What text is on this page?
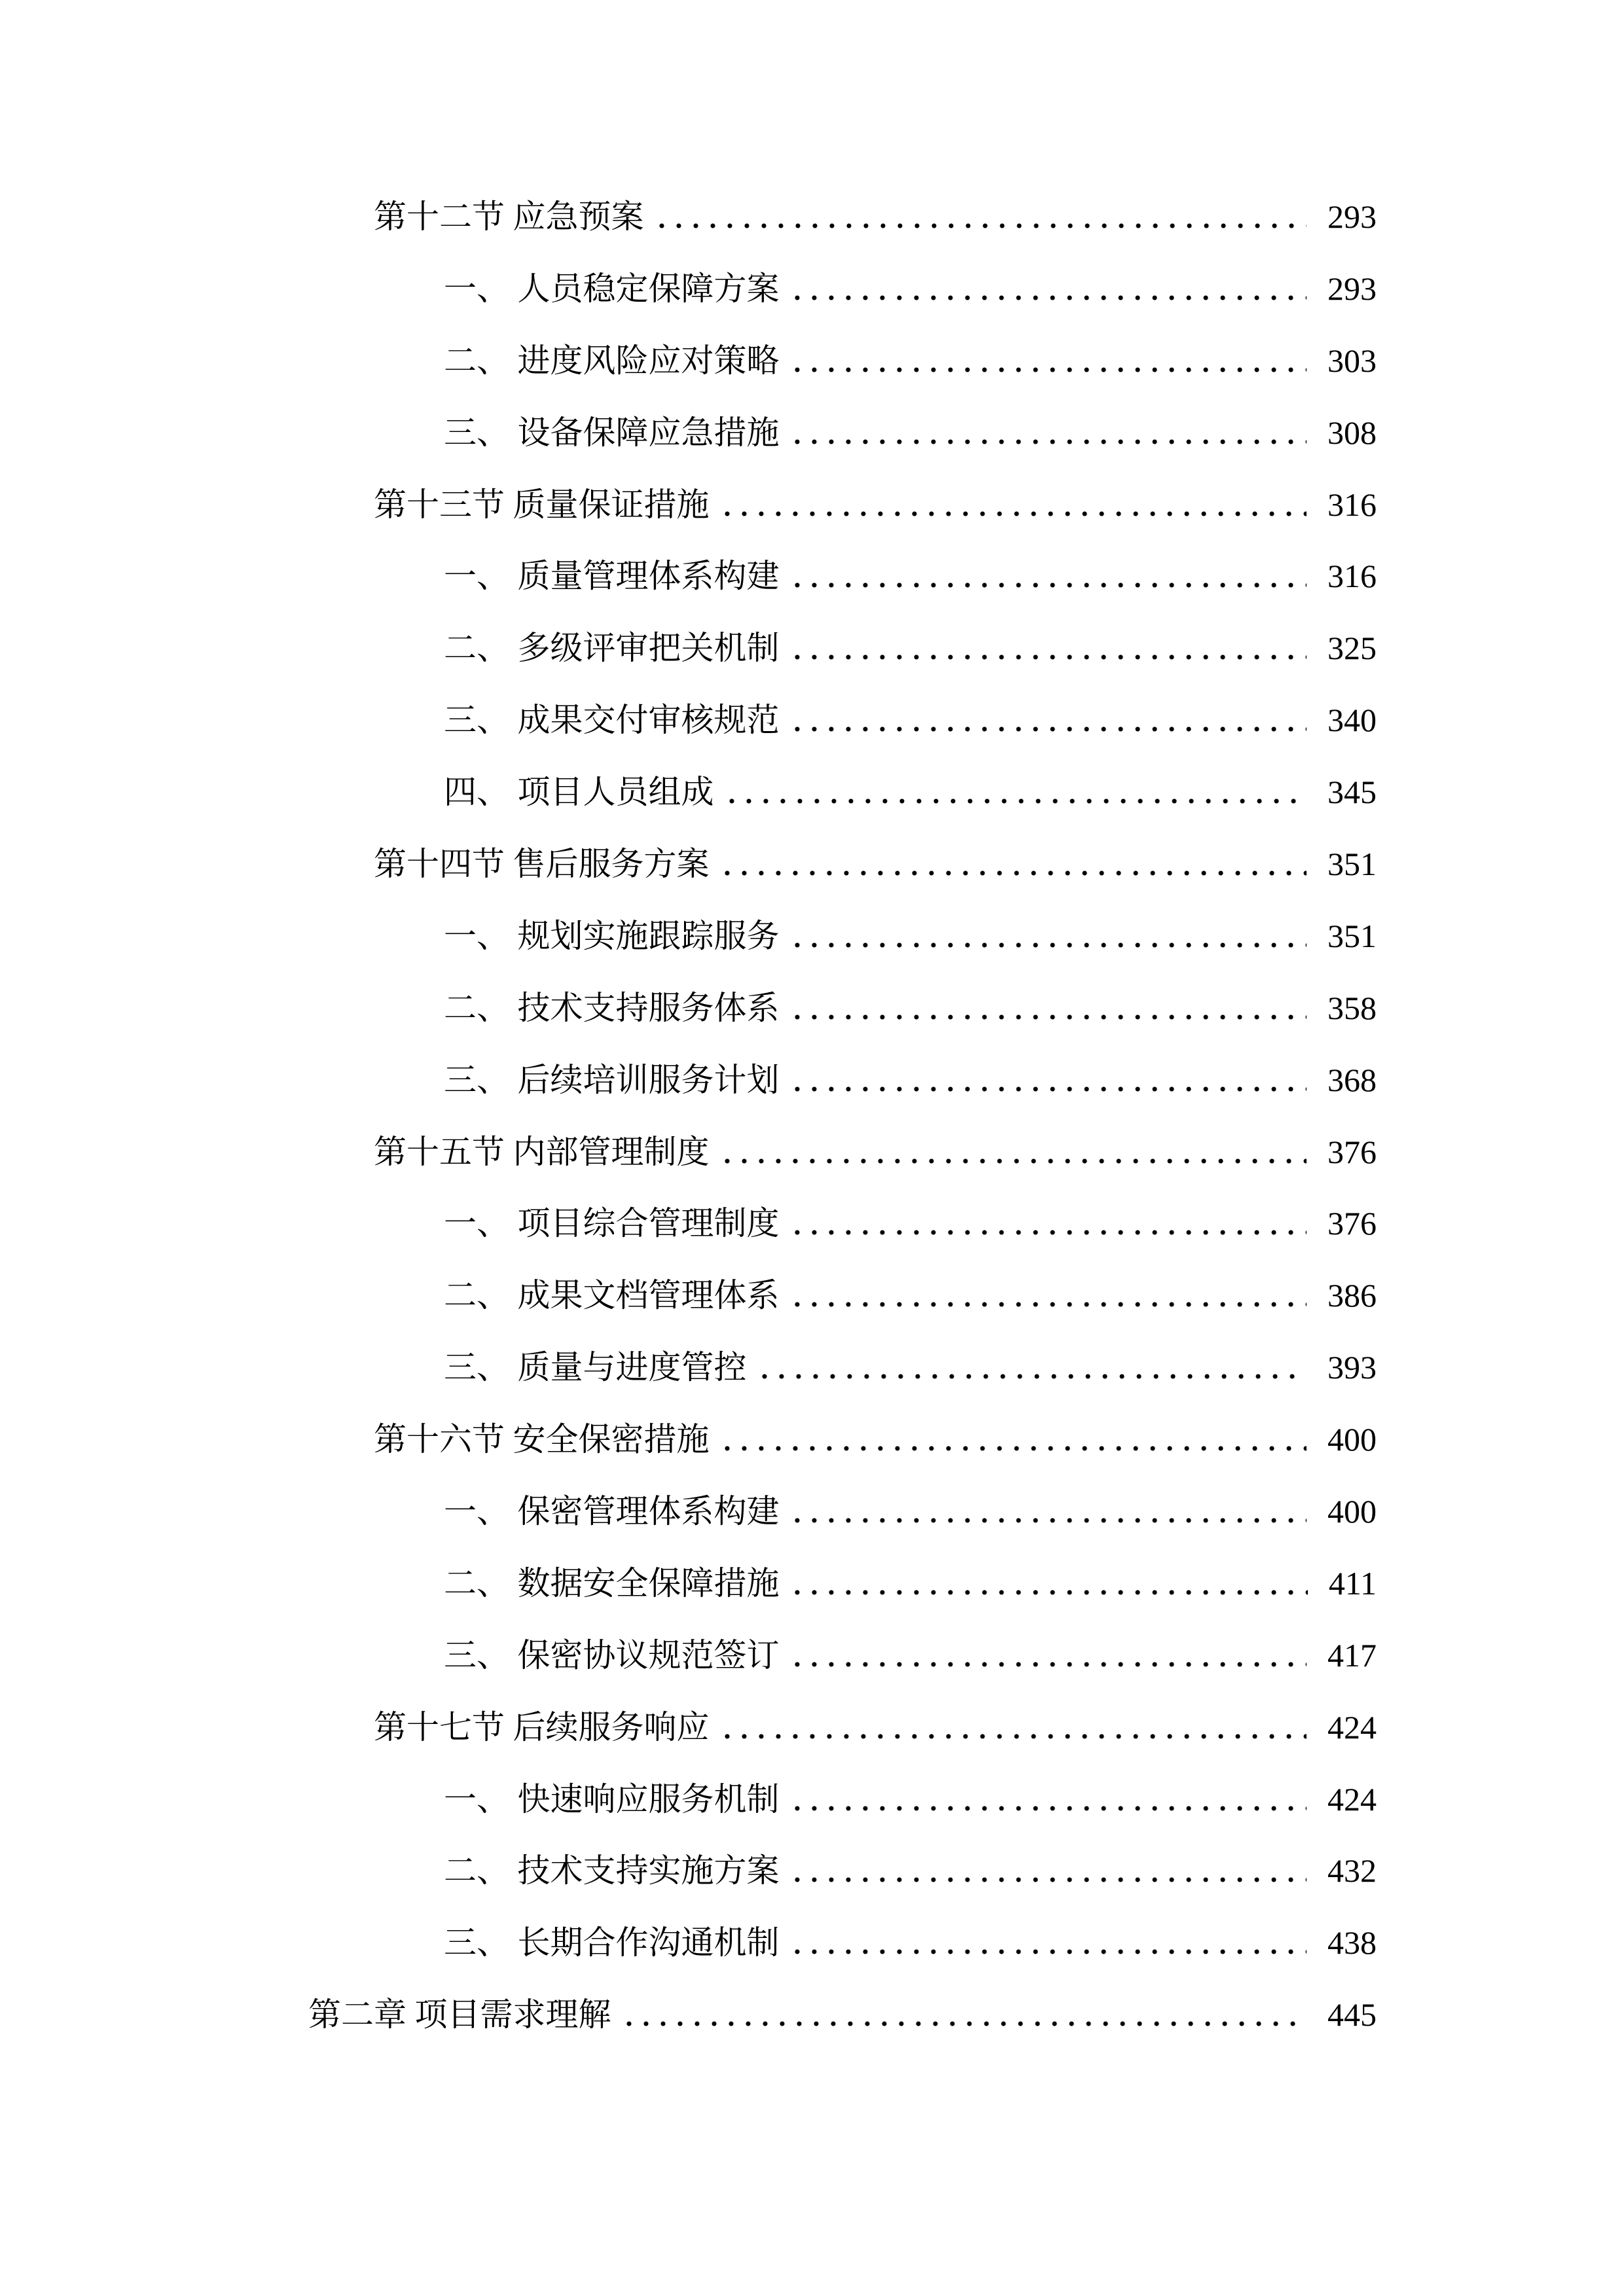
第十二节 应急预案	293
一、 人员稳定保障方案	293
二、 进度风险应对策略	303
三、 设备保障应急措施	308
第十三节 质量保证措施	316
一、 质量管理体系构建	316
二、 多级评审把关机制	325
三、 成果交付审核规范	340
四、 项目人员组成	345
第十四节 售后服务方案	351
一、 规划实施跟踪服务	351
二、 技术支持服务体系	358
三、 后续培训服务计划	368
第十五节 内部管理制度	376
一、 项目综合管理制度	376
二、 成果文档管理体系	386
三、 质量与进度管控	393
第十六节 安全保密措施	400
一、 保密管理体系构建	400
二、 数据安全保障措施	411
三、 保密协议规范签订	417
第十七节 后续服务响应	424
一、 快速响应服务机制	424
二、 技术支持实施方案	432
三、 长期合作沟通机制	438
第二章 项目需求理解	445
